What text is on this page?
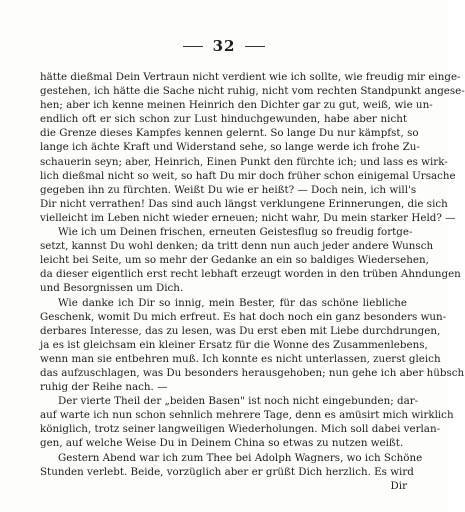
32
hätte dießmal Dein Vertraun nicht verdient wie ich sollte, wie freudig mir einge-
gestehen, ich hätte die Sache nicht ruhig, nicht vom rechten Standpunkt angese-
hen; aber ich kenne meinen Heinrich den Dichter gar zu gut, weiß, wie un-
endlich oft er sich schon zur Lust hinduchgewunden, habe aber nicht
die Grenze dieses Kampfes kennen gelernt. So lange Du nur kämpfst, so
lange ich ächte Kraft und Widerstand sehe, so lange werde ich frohe Zu-
schauerin seyn; aber, Heinrich, Einen Punkt den fürchte ich; und lass es wirk-
lich dießmal nicht so weit, so haft Du mir doch früher schon einigemal Ursache
gegeben ihn zu fürchten. Weißt Du wie er heißt? — Doch nein, ich will's
Dir nicht verrathen! Das sind auch längst verklungene Erinnerungen, die sich
vielleicht im Leben nicht wieder erneuen; nicht wahr, Du mein starker Held? —
Wie ich um Deinen frischen, erneuten Geistesflug so freudig fortge-
setzt, kannst Du wohl denken; da tritt denn nun auch jeder andere Wunsch
leicht bei Seite, um so mehr der Gedanke an ein so baldiges Wiedersehen,
da dieser eigentlich erst recht lebhaft erzeugt worden in den trüben Ahndungen
und Besorgnissen um Dich.
Wie danke ich Dir so innig, mein Bester, für das schöne liebliche
Geschenk, womit Du mich erfreut. Es hat doch noch ein ganz besonders wun-
derbares Interesse, das zu lesen, was Du erst eben mit Liebe durchdrungen,
ja es ist gleichsam ein kleiner Ersatz für die Wonne des Zusammenlebens,
wenn man sie entbehren muß. Ich konnte es nicht unterlassen, zuerst gleich
das aufzuschlagen, was Du besonders herausgehoben; nun gehe ich aber hübsch
ruhig der Reihe nach. —
Der vierte Theil der „beiden Basen" ist noch nicht eingebunden; dar-
auf warte ich nun schon sehnlich mehrere Tage, denn es amüsirt mich wirklich
königlich, trotz seiner langweiligen Wiederholungen. Mich soll dabei verlan-
gen, auf welche Weise Du in Deinem China so etwas zu nutzen weißt.
Gestern Abend war ich zum Thee bei Adolph Wagners, wo ich Schöne
Stunden verlebt. Beide, vorzüglich aber er grüßt Dich herzlich. Es wird
Dir
